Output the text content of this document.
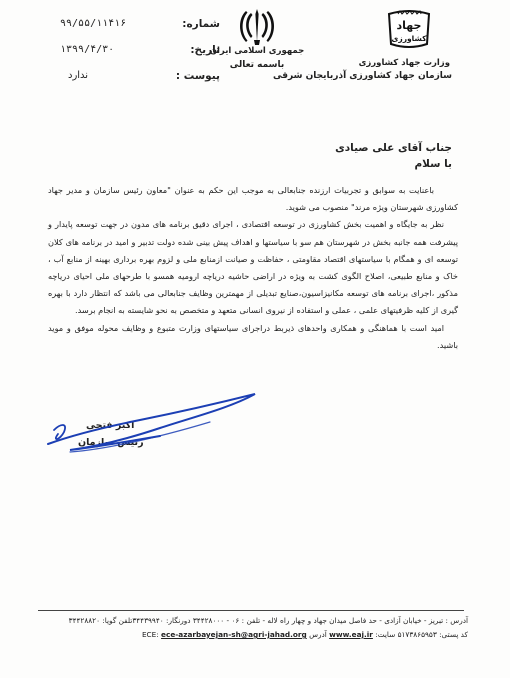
شماره:
۹۹/۵۵/۱۱۴۱۶
تاریخ:
۱۳۹۹/۴/۳۰
پیوست :
ندارد
جمهوری اسلامی ایران
باسمه تعالی
جهاد
کشاورزی
وزارت جهاد کشاورزی
سازمان جهاد کشاورزی آذربایجان شرقی
جناب آقای علی صیادی
با سلام

باعنایت به سوابق و تجربیات ارزنده جنابعالی به موجب این حکم به عنوان "معاون رئیس سازمان و مدیر جهاد کشاورزی شهرستان ویژه مرند" منصوب می شوید.

نظر به جایگاه و اهمیت بخش کشاورزی در توسعه اقتصادی ، اجرای دقیق برنامه های مدون در جهت توسعه پایدار و پیشرفت همه جانبه بخش در شهرستان هم سو با سیاستها و اهداف پیش بینی شده دولت تدبیر و امید در برنامه های کلان توسعه ای و همگام با سیاستهای اقتصاد مقاومتی ، حفاظت و صیانت ازمنابع ملی و لزوم بهره برداری بهینه از منابع آب ، خاک و منابع طبیعی، اصلاح الگوی کشت به ویژه در اراضی حاشیه دریاچه ارومیه همسو با طرحهای ملی احیای دریاچه مذکور ،اجرای برنامه های توسعه مکانیزاسیون،صنایع تبدیلی از مهمترین وظایف جنابعالی می باشد که انتظار دارد با بهره گیری از کلیه ظرفیتهای علمی ، عملی و استفاده از نیروی انسانی متعهد و متخصص به نحو شایسته به انجام برسد.

امید است با هماهنگی و همکاری واحدهای ذیربط دراجرای سیاستهای وزارت متبوع و وظایف محوله موفق و موید باشید.

اکبر فتحی
رئیس سازمان
آدرس : تبریز - خیابان آزادی - حد فاصل میدان جهاد و چهار راه لاله - تلفن : ۰۶ - ۳۴۴۲۸۰۰۰ دورنگار: ۳۴۴۳۹۹۴۰تلفن گویا: ۳۴۴۲۸۸۲۰
کد پستی: ۵۱۷۳۸۶۵۹۵۳ سایت: www.eaj.ir آدرس ECE: ece-azarbayejan-sh@agri-jahad.org
